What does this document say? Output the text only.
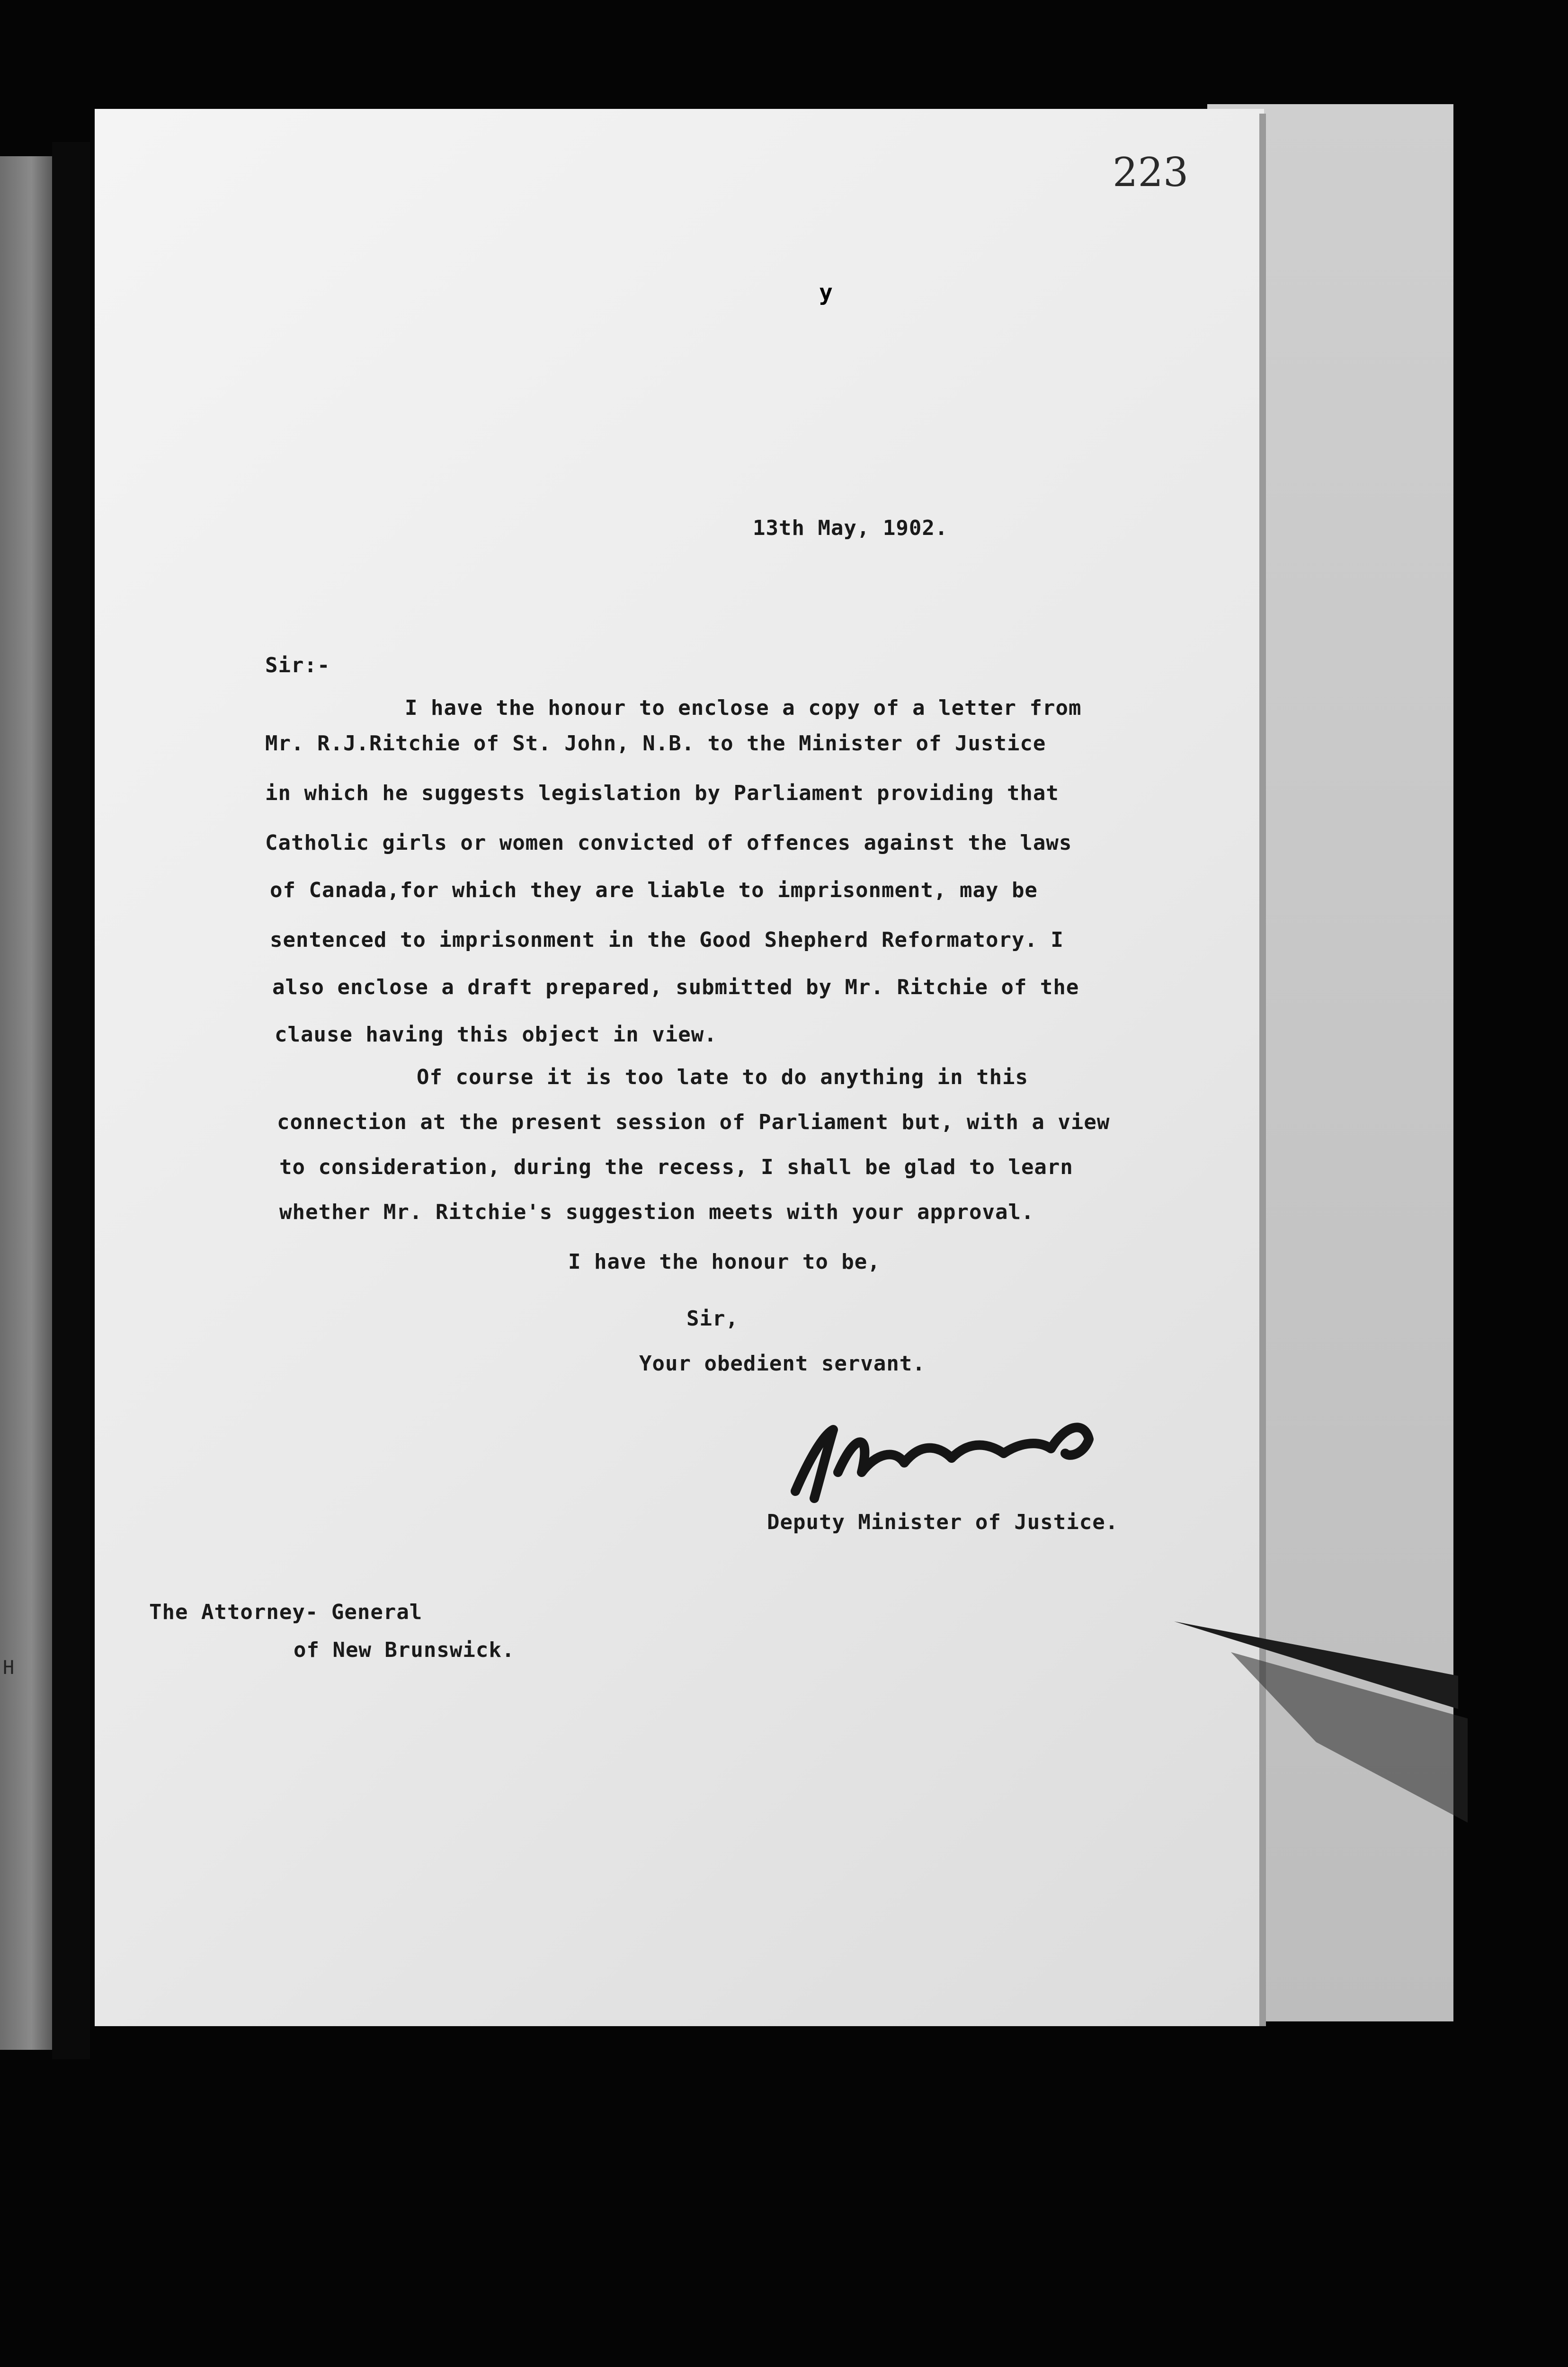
H
223
y
13th May, 1902.
Sir:-
I have the honour to enclose a copy of a letter from
Mr. R.J.Ritchie of St. John, N.B. to the Minister of Justice
in which he suggests legislation by Parliament providing that
Catholic girls or women convicted of offences against the laws
of Canada,for which they are liable to imprisonment, may be
sentenced to imprisonment in the Good Shepherd Reformatory. I
also enclose a draft prepared, submitted by Mr. Ritchie of the
clause having this object in view.
Of course it is too late to do anything in this
connection at the present session of Parliament but, with a view
to consideration, during the recess, I shall be glad to learn
whether Mr. Ritchie's suggestion meets with your approval.
I have the honour to be,
Sir,
Your obedient servant.
Deputy Minister of Justice.
The Attorney- General
of New Brunswick.
